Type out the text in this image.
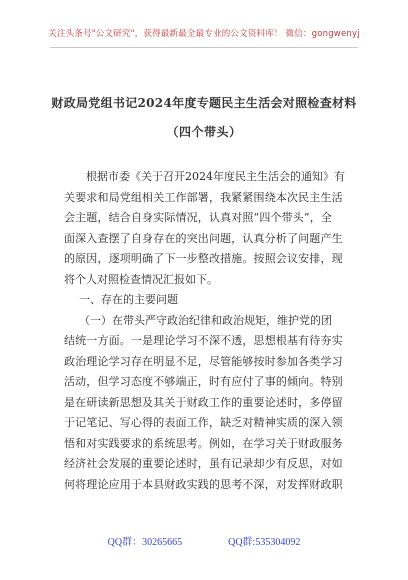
关注头条号"公文研究"，获得最新最全最专业的公文资料库！ 微信：gongwenyj
财政局党组书记2024年度专题民主生活会对照检查材料
（四个带头）
根据市委《关于召开2024年度民主生活会的通知》有
关要求和局党组相关工作部署，我紧紧围绕本次民主生活
会主题，结合自身实际情况，认真对照“四个带头”，全
面深入查摆了自身存在的突出问题，认真分析了问题产生
的原因，逐项明确了下一步整改措施。按照会议安排，现
将个人对照检查情况汇报如下。
一、存在的主要问题
（一）在带头严守政治纪律和政治规矩，维护党的团
结统一方面。一是理论学习不深不透，思想根基有待夯实
政治理论学习存在明显不足，尽管能够按时参加各类学习
活动，但学习态度不够端正，时有应付了事的倾向。特别
是在研读新思想及其关于财政工作的重要论述时，多停留
于记笔记、写心得的表面工作，缺乏对精神实质的深入领
悟和对实践要求的系统思考。例如，在学习关于财政服务
经济社会发展的重要论述时，虽有记录却少有反思，对如
何将理论应用于本县财政实践的思考不深，对发挥财政职
QQ群：30265665	QQ群:535304092
